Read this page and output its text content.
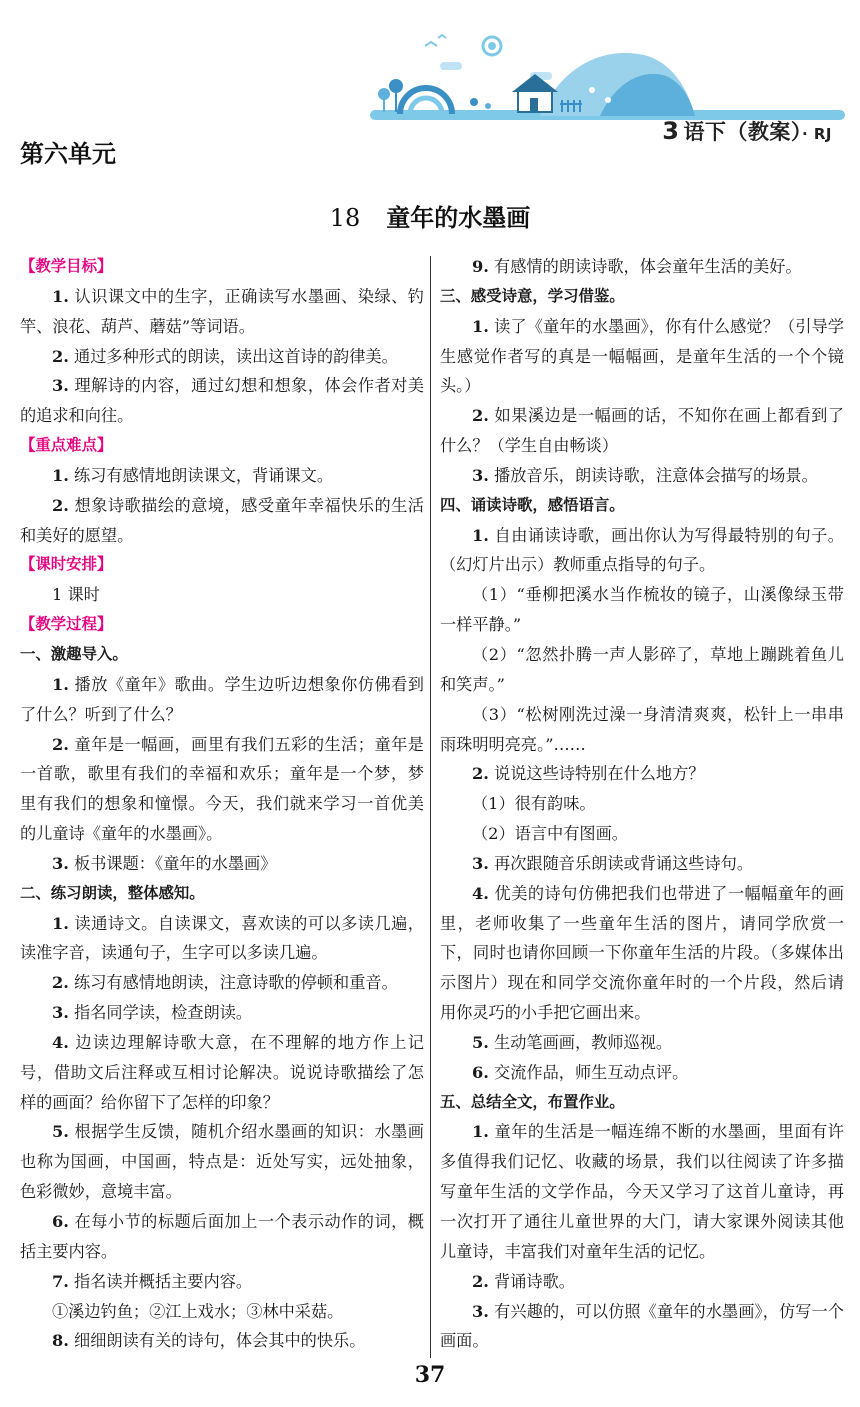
3 语下（教案）· RJ
第六单元
18 童年的水墨画

【教学目标】

1. 认识课文中的生字，正确读写水墨画、染绿、钓竿、浪花、葫芦、蘑菇”等词语。

2. 通过多种形式的朗读，读出这首诗的韵律美。

3. 理解诗的内容，通过幻想和想象，体会作者对美的追求和向往。

【重点难点】

1. 练习有感情地朗读课文，背诵课文。

2. 想象诗歌描绘的意境，感受童年幸福快乐的生活和美好的愿望。

【课时安排】

1 课时

【教学过程】

一、激趣导入。

1. 播放《童年》歌曲。学生边听边想象你仿佛看到了什么？听到了什么？

2. 童年是一幅画，画里有我们五彩的生活；童年是一首歌，歌里有我们的幸福和欢乐；童年是一个梦，梦里有我们的想象和憧憬。今天，我们就来学习一首优美的儿童诗《童年的水墨画》。

3. 板书课题：《童年的水墨画》

二、练习朗读，整体感知。

1. 读通诗文。自读课文，喜欢读的可以多读几遍，读准字音，读通句子，生字可以多读几遍。

2. 练习有感情地朗读，注意诗歌的停顿和重音。

3. 指名同学读，检查朗读。

4. 边读边理解诗歌大意，在不理解的地方作上记号，借助文后注释或互相讨论解决。说说诗歌描绘了怎样的画面？给你留下了怎样的印象？

5. 根据学生反馈，随机介绍水墨画的知识：水墨画也称为国画，中国画，特点是：近处写实，远处抽象，色彩微妙，意境丰富。

6. 在每小节的标题后面加上一个表示动作的词，概括主要内容。

7. 指名读并概括主要内容。

①溪边钓鱼；②江上戏水；③林中采菇。

8. 细细朗读有关的诗句，体会其中的快乐。

9. 有感情的朗读诗歌，体会童年生活的美好。

三、感受诗意，学习借鉴。

1. 读了《童年的水墨画》，你有什么感觉？（引导学生感觉作者写的真是一幅幅画，是童年生活的一个个镜头。）

2. 如果溪边是一幅画的话，不知你在画上都看到了什么？（学生自由畅谈）

3. 播放音乐，朗读诗歌，注意体会描写的场景。

四、诵读诗歌，感悟语言。

1. 自由诵读诗歌，画出你认为写得最特别的句子。（幻灯片出示）教师重点指导的句子。

（1）“垂柳把溪水当作梳妆的镜子，山溪像绿玉带一样平静。”

（2）“忽然扑腾一声人影碎了，草地上蹦跳着鱼儿和笑声。”

（3）“松树刚洗过澡一身清清爽爽，松针上一串串雨珠明明亮亮。”……

2. 说说这些诗特别在什么地方？

（1）很有韵味。

（2）语言中有图画。

3. 再次跟随音乐朗读或背诵这些诗句。

4. 优美的诗句仿佛把我们也带进了一幅幅童年的画里，老师收集了一些童年生活的图片，请同学欣赏一下，同时也请你回顾一下你童年生活的片段。（多媒体出示图片）现在和同学交流你童年时的一个片段，然后请用你灵巧的小手把它画出来。

5. 生动笔画画，教师巡视。

6. 交流作品，师生互动点评。

五、总结全文，布置作业。

1. 童年的生活是一幅连绵不断的水墨画，里面有许多值得我们记忆、收藏的场景，我们以往阅读了许多描写童年生活的文学作品，今天又学习了这首儿童诗，再一次打开了通往儿童世界的大门，请大家课外阅读其他儿童诗，丰富我们对童年生活的记忆。

2. 背诵诗歌。

3. 有兴趣的，可以仿照《童年的水墨画》，仿写一个画面。

37
